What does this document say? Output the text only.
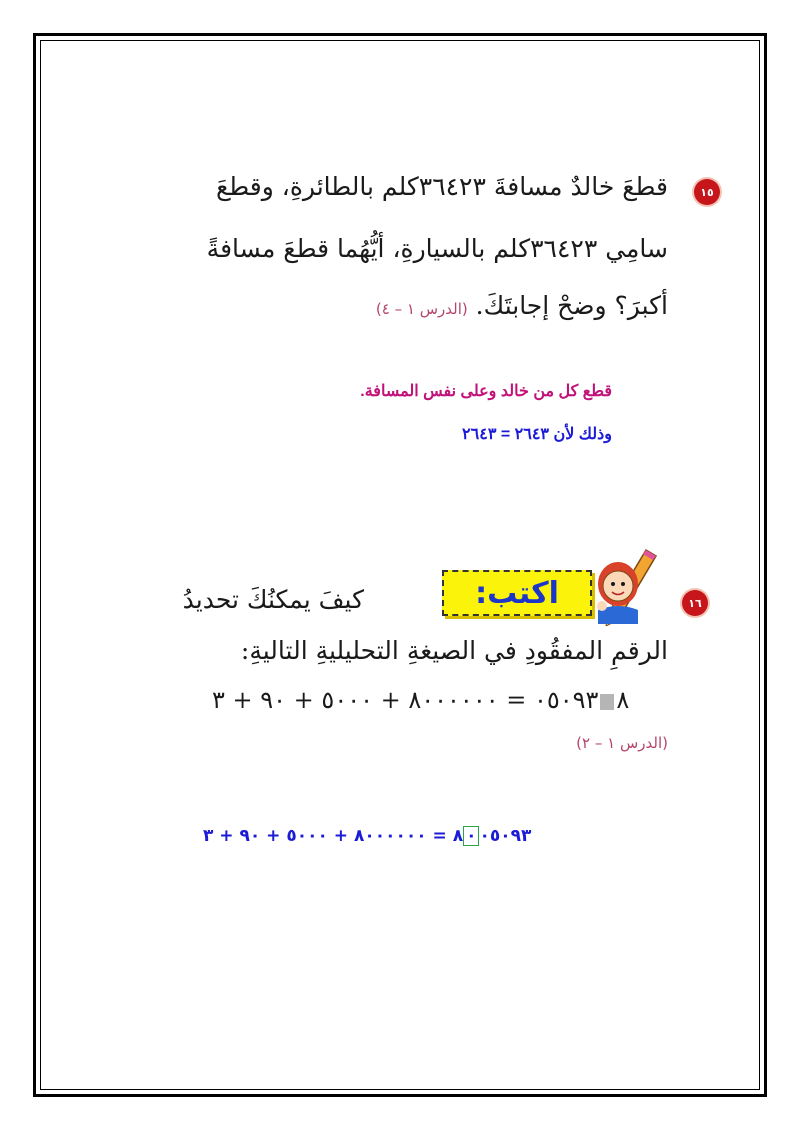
١٥
قطعَ خالدٌ مسافةَ ٣٦٤٢٣كلم بالطائرةِ، وقطعَ
سامِي ٣٦٤٢٣كلم بالسيارةِ، أيُّهُما قطعَ مسافةً
أكبرَ؟ وضحْ إجابتَكَ. (الدرس ١ – ٤)
قطع كل من خالد وعلى نفس المسافة.
وذلك لأن ٢٦٤٣ = ٢٦٤٣
١٦
اكتب:
كيفَ يمكنُكَ تحديدُ
الرقمِ المفقُودِ في الصيغةِ التحليليةِ التاليةِ:
٨٠٥٠٩٣ = ٨٠٠٠٠٠٠ + ٥٠٠٠ + ٩٠ + ٣
(الدرس ١ – ٢)
٠٥٠٩٣٠٨ = ٨٠٠٠٠٠٠ + ٥٠٠٠ + ٩٠ + ٣
